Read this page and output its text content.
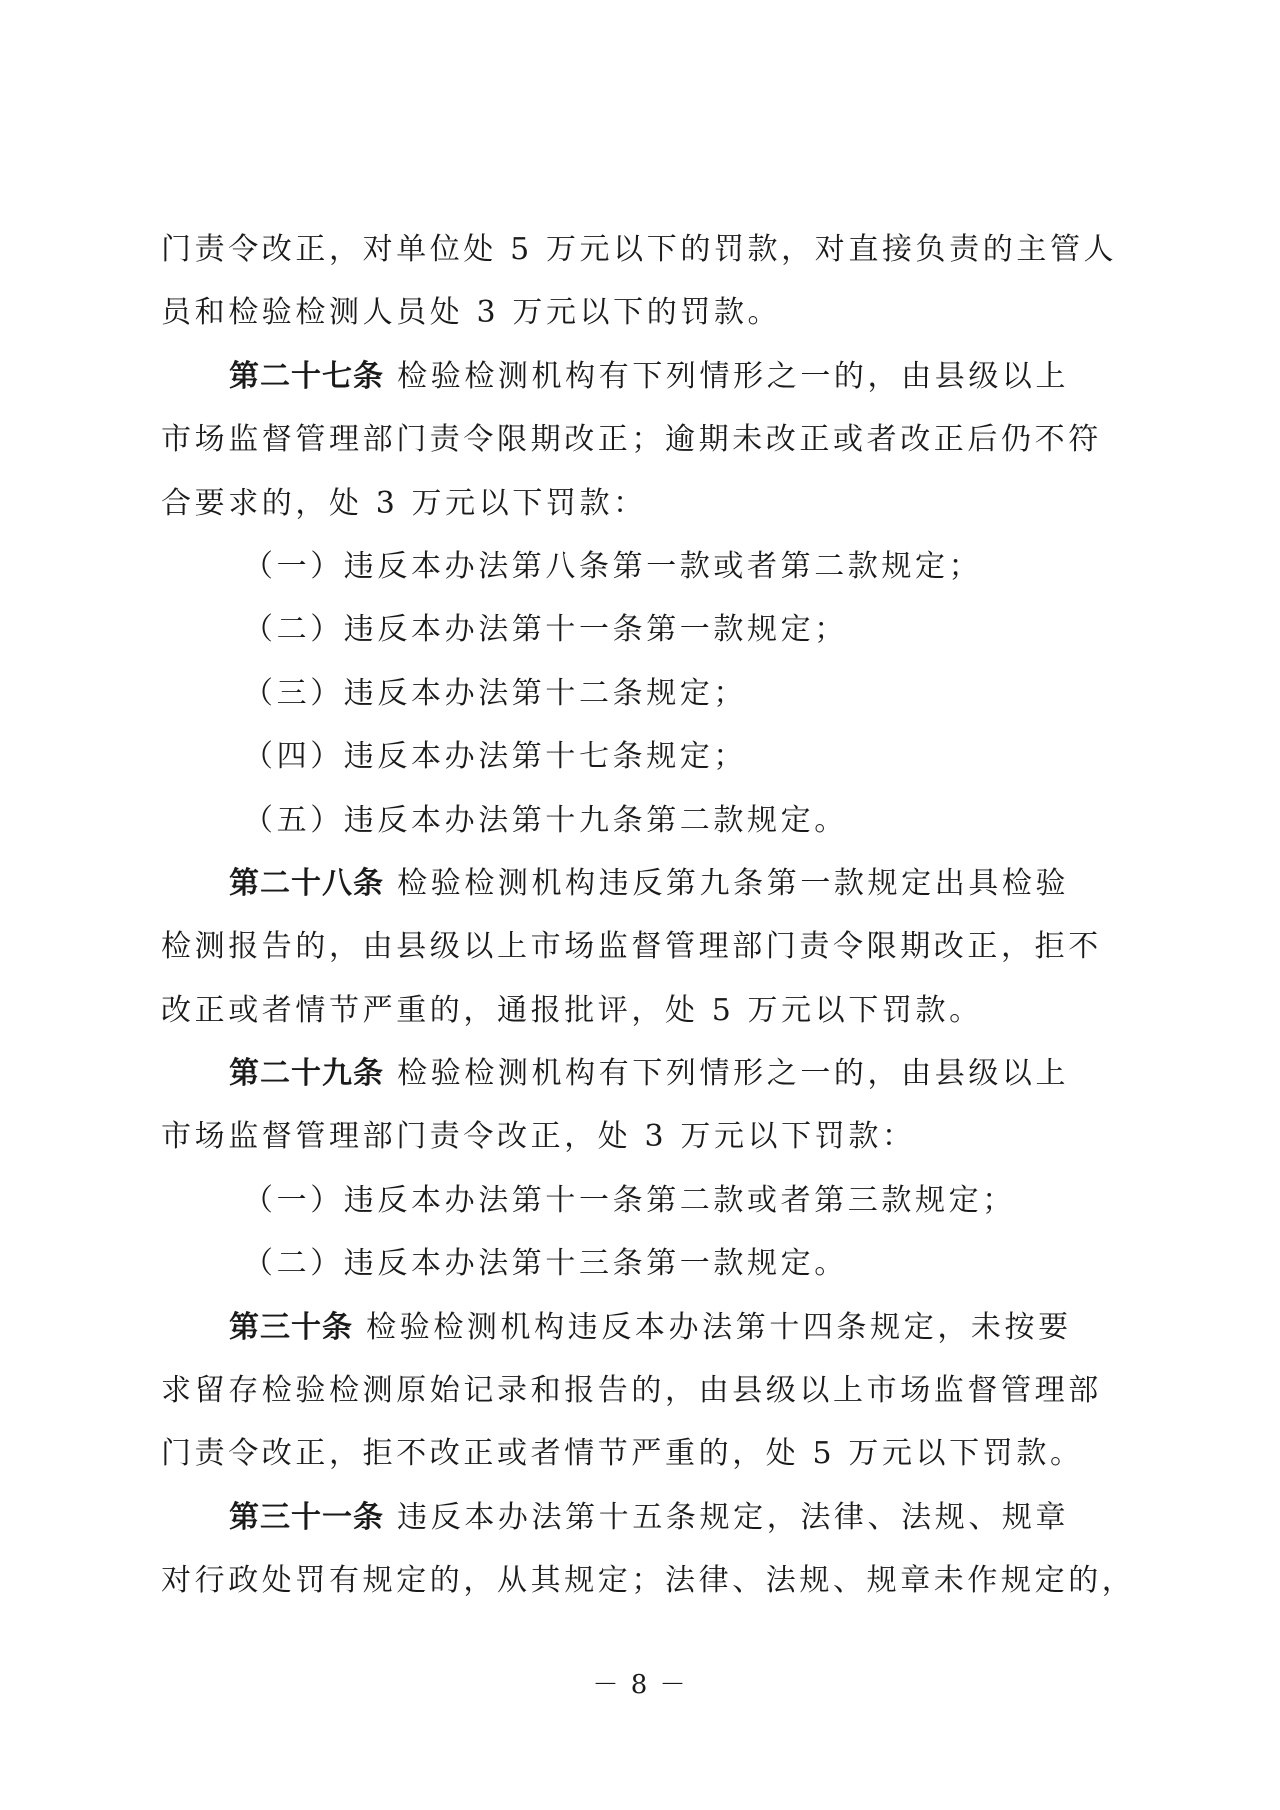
门责令改正，对单位处 5 万元以下的罚款，对直接负责的主管人
员和检验检测人员处 3 万元以下的罚款。
第二十七条 检验检测机构有下列情形之一的，由县级以上
市场监督管理部门责令限期改正；逾期未改正或者改正后仍不符
合要求的，处 3 万元以下罚款：
（一）违反本办法第八条第一款或者第二款规定；
（二）违反本办法第十一条第一款规定；
（三）违反本办法第十二条规定；
（四）违反本办法第十七条规定；
（五）违反本办法第十九条第二款规定。
第二十八条 检验检测机构违反第九条第一款规定出具检验
检测报告的，由县级以上市场监督管理部门责令限期改正，拒不
改正或者情节严重的，通报批评，处 5 万元以下罚款。
第二十九条 检验检测机构有下列情形之一的，由县级以上
市场监督管理部门责令改正，处 3 万元以下罚款：
（一）违反本办法第十一条第二款或者第三款规定；
（二）违反本办法第十三条第一款规定。
第三十条 检验检测机构违反本办法第十四条规定，未按要
求留存检验检测原始记录和报告的，由县级以上市场监督管理部
门责令改正，拒不改正或者情节严重的，处 5 万元以下罚款。
第三十一条 违反本办法第十五条规定，法律、法规、规章
对行政处罚有规定的，从其规定；法律、法规、规章未作规定的，
－ 8 －
